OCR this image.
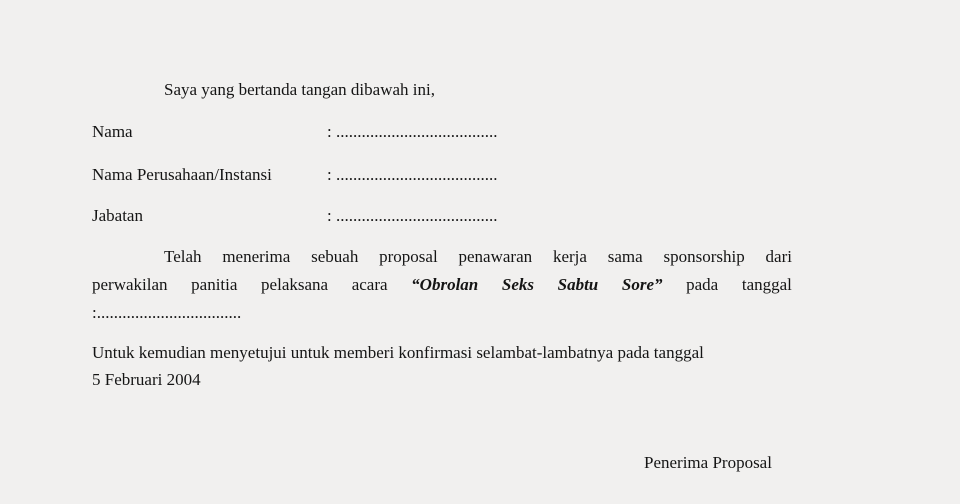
Saya yang bertanda tangan dibawah ini,
Nama	: ......................................
Nama Perusahaan/Instansi	: ......................................
Jabatan	: ......................................
Telah menerima sebuah proposal penawaran kerja sama sponsorship dari
perwakilan panitia pelaksana acara “Obrolan Seks Sabtu Sore” pada tanggal
:..................................
Untuk kemudian menyetujui untuk memberi konfirmasi selambat-lambatnya pada tanggal
5 Februari 2004
Penerima Proposal
